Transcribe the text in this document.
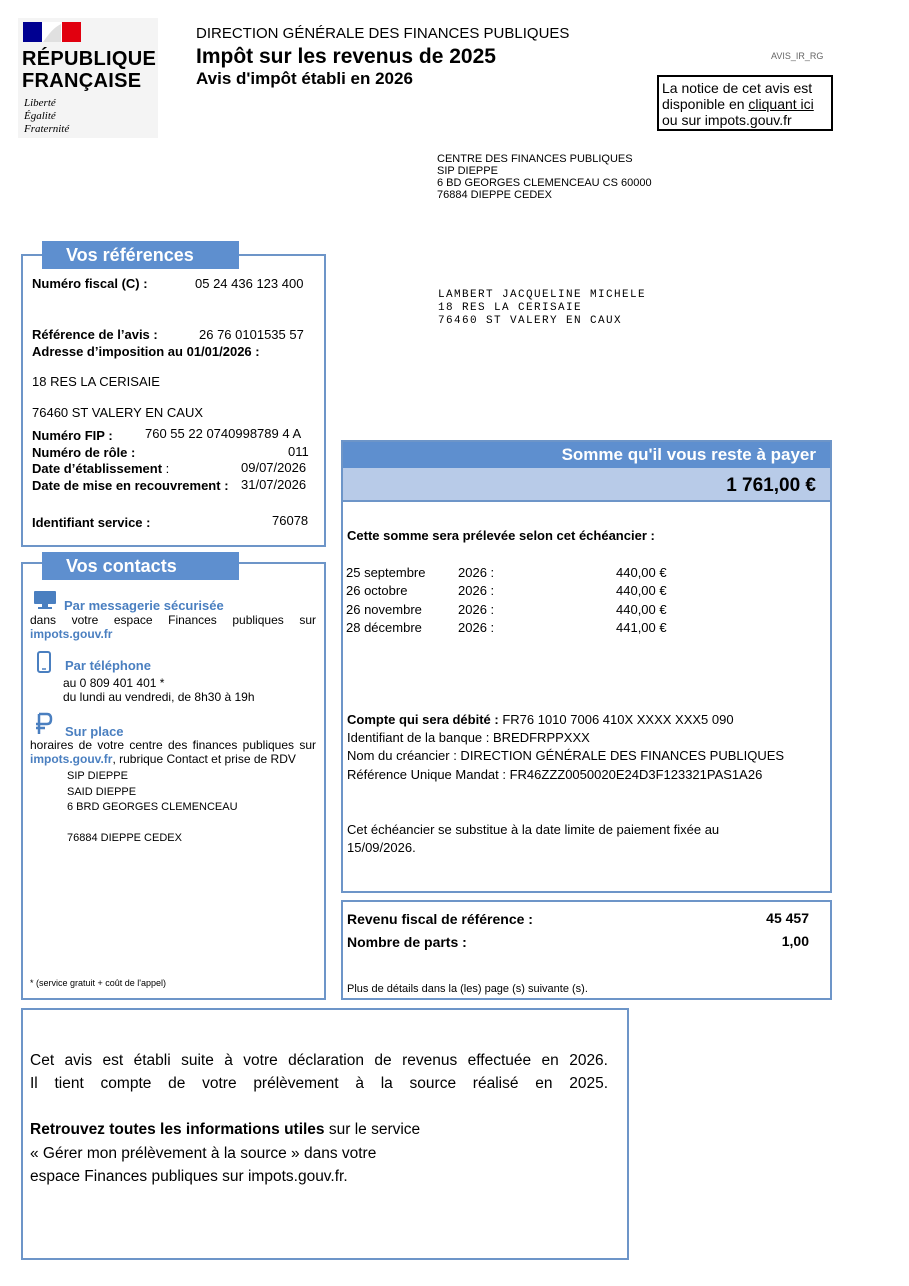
RÉPUBLIQUE
FRANÇAISE
Liberté
Égalité
Fraternité
DIRECTION GÉNÉRALE DES FINANCES PUBLIQUES
Impôt sur les revenus de 2025
Avis d'impôt établi en 2026
AVIS_IR_RG
La notice de cet avis est
disponible en cliquant ici
ou sur impots.gouv.fr
CENTRE DES FINANCES PUBLIQUES
SIP DIEPPE
6 BD GEORGES CLEMENCEAU CS 60000
76884 DIEPPE CEDEX
LAMBERT JACQUELINE MICHELE
18 RES LA CERISAIE
76460 ST VALERY EN CAUX
Vos références
Numéro fiscal (C) :	05 24 436 123 400
Référence de l’avis :	26 76 0101535 57
Adresse d’imposition au 01/01/2026 :
18 RES LA CERISAIE
76460 ST VALERY EN CAUX
Numéro FIP : 760 55 22 0740998789 4 A
Numéro de rôle :	011
Date d’établissement :	09/07/2026
Date de mise en recouvrement : 31/07/2026
Identifiant service :	76078
Vos contacts
Par messagerie sécurisée
dans votre espace Finances publiques sur
impots.gouv.fr
Par téléphone
au 0 809 401 401 *
du lundi au vendredi, de 8h30 à 19h
Sur place
horaires de votre centre des finances publiques sur
impots.gouv.fr, rubrique Contact et prise de RDV
SIP DIEPPE
SAID DIEPPE
6 BRD GEORGES CLEMENCEAU
76884 DIEPPE CEDEX
* (service gratuit + coût de l'appel)
Somme qu'il vous reste à payer
1 761,00 €
Cette somme sera prélevée selon cet échéancier :
25 septembre	2026 :	440,00 €
26 octobre	2026 :	440,00 €
26 novembre	2026 :	440,00 €
28 décembre	2026 :	441,00 €
Compte qui sera débité : FR76 1010 7006 410X XXXX XXX5 090
Identifiant de la banque : BREDFRPPXXX
Nom du créancier : DIRECTION GÉNÉRALE DES FINANCES PUBLIQUES
Référence Unique Mandat : FR46ZZZ0050020E24D3F123321PAS1A26
Cet échéancier se substitue à la date limite de paiement fixée au
15/09/2026.
Revenu fiscal de référence :	45 457
Nombre de parts :	1,00
Plus de détails dans la (les) page (s) suivante (s).
Cet avis est établi suite à votre déclaration de revenus effectuée en 2026.
Il tient compte de votre prélèvement à la source réalisé en 2025.
Retrouvez toutes les informations utiles sur le service
« Gérer mon prélèvement à la source » dans votre
espace Finances publiques sur impots.gouv.fr.
